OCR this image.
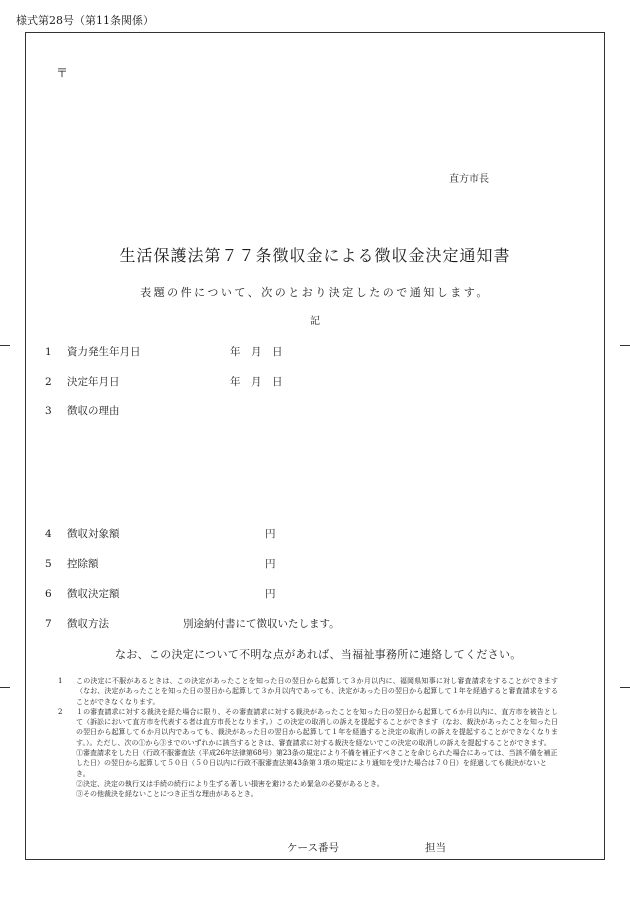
様式第28号（第11条関係）
〒
直方市長
生活保護法第７７条徴収金による徴収金決定通知書
表題の件について、次のとおり決定したので通知します。
記
1 資力発生年月日	年　月　日
2 決定年月日	年　月　日
3 徴収の理由
4 徴収対象額	円
5 控除額	円
6 徴収決定額	円
7 徴収方法	別途納付書にて徴収いたします。
なお、この決定について不明な点があれば、当福祉事務所に連絡してください。
1 この決定に不服があるときは、この決定があったことを知った日の翌日から起算して３か月以内に、福岡県知事に対し審査請求をすることができます（なお、決定があったことを知った日の翌日から起算して３か月以内であっても、決定があった日の翌日から起算して１年を経過すると審査請求をすることができなくなります。
2 １の審査請求に対する裁決を経た場合に限り、その審査請求に対する裁決があったことを知った日の翌日から起算して６か月以内に、直方市を被告として（訴訟において直方市を代表する者は直方市長となります。）この決定の取消しの訴えを提起することができます（なお、裁決があったことを知った日の翌日から起算して６か月以内であっても、裁決があった日の翌日から起算して１年を経過すると決定の取消しの訴えを提起することができなくなります。）。ただし、次の①から③までのいずれかに該当するときは、審査請求に対する裁決を経ないでこの決定の取消しの訴えを提起することができます。
①審査請求をした日（行政不服審査法（平成26年法律第68号）第23条の規定により不備を補正すべきことを命じられた場合にあっては、当該不備を補正した日）の翌日から起算して５０日（５０日以内に行政不服審査法第43条第３項の規定により通知を受けた場合は７０日）を経過しても裁決がないとき。
②決定、決定の執行又は手続の続行により生ずる著しい損害を避けるため緊急の必要があるとき。
③その他裁決を経ないことにつき正当な理由があるとき。
ケース番号	担当
